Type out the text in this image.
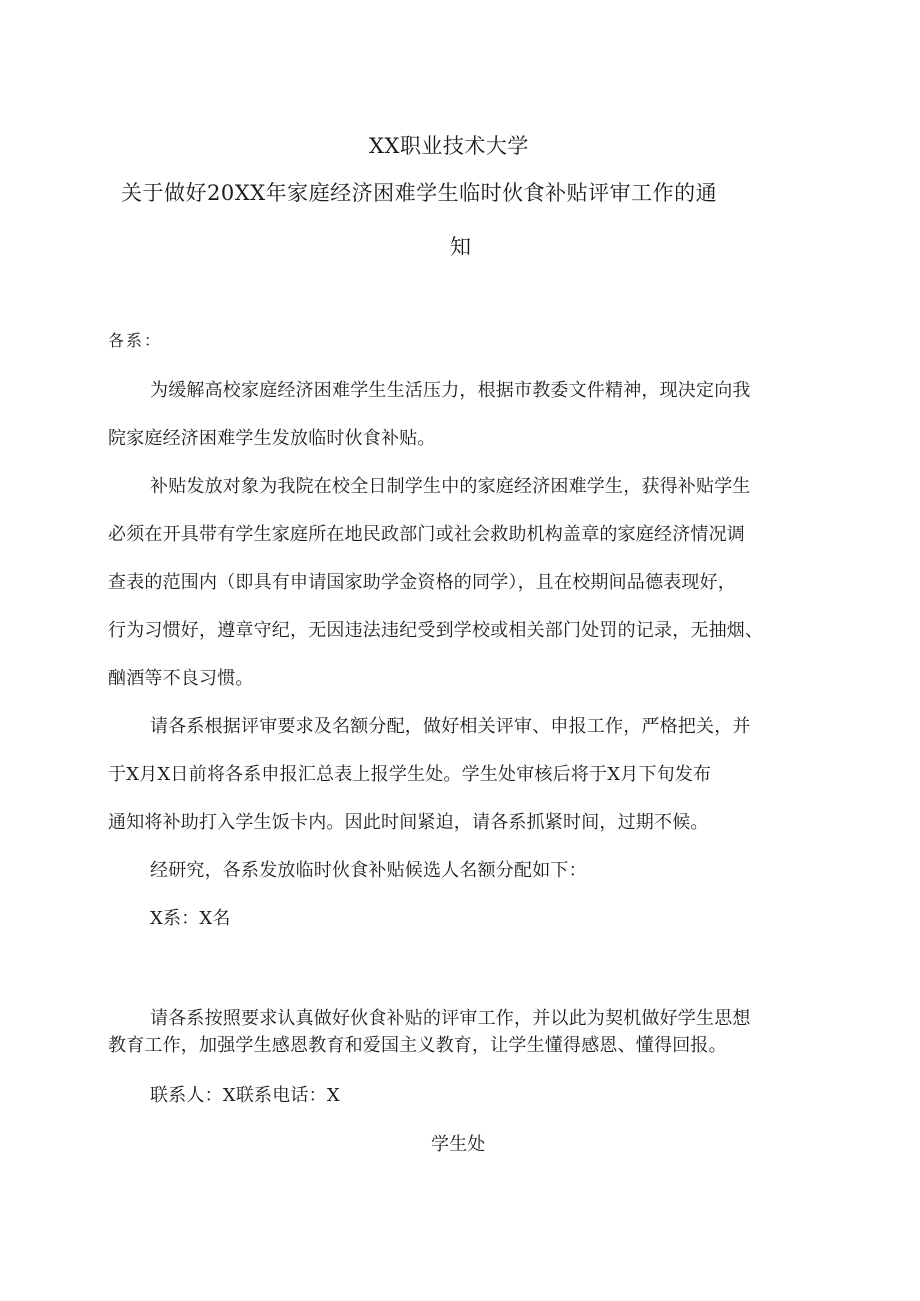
XX职业技术大学

关于做好20XX年家庭经济困难学生临时伙食补贴评审工作的通

知

各系：

为缓解高校家庭经济困难学生生活压力，根据市教委文件精神，现决定向我

院家庭经济困难学生发放临时伙食补贴。

补贴发放对象为我院在校全日制学生中的家庭经济困难学生，获得补贴学生

必须在开具带有学生家庭所在地民政部门或社会救助机构盖章的家庭经济情况调

查表的范围内（即具有申请国家助学金资格的同学），且在校期间品德表现好，

行为习惯好，遵章守纪，无因违法违纪受到学校或相关部门处罚的记录，无抽烟、

酗酒等不良习惯。

请各系根据评审要求及名额分配，做好相关评审、申报工作，严格把关，并

于X月X日前将各系申报汇总表上报学生处。学生处审核后将于X月下旬发布

通知将补助打入学生饭卡内。因此时间紧迫，请各系抓紧时间，过期不候。

经研究，各系发放临时伙食补贴候选人名额分配如下：

X系：X名

请各系按照要求认真做好伙食补贴的评审工作，并以此为契机做好学生思想

教育工作，加强学生感恩教育和爱国主义教育，让学生懂得感恩、懂得回报。

联系人：X联系电话：X

学生处
